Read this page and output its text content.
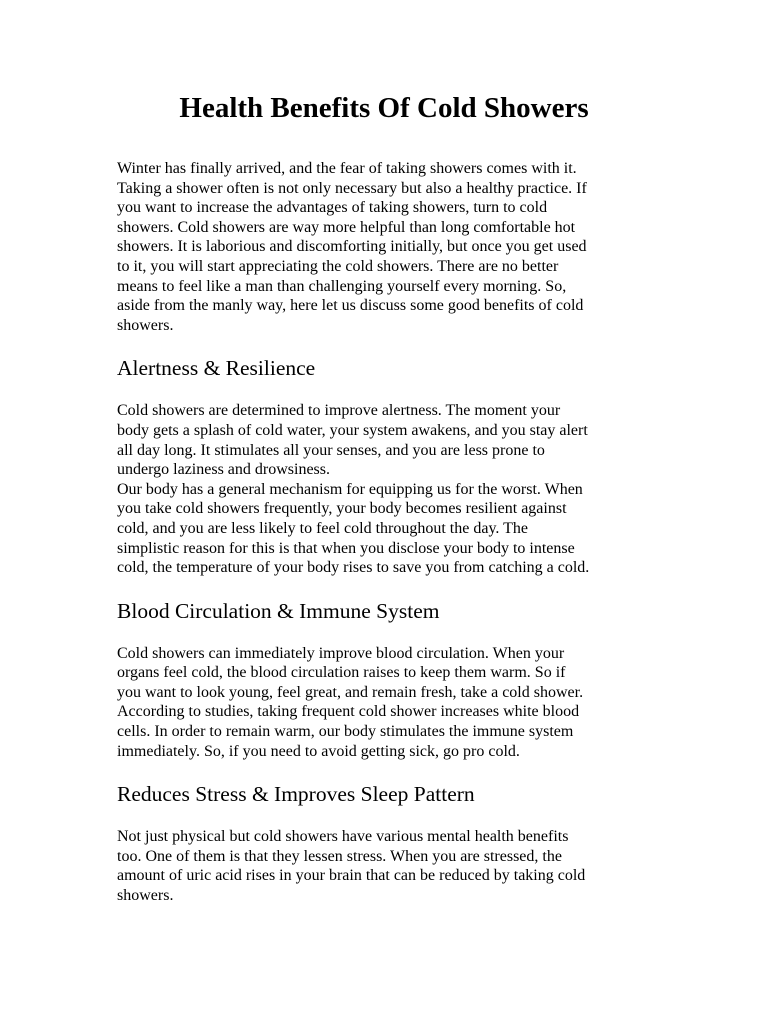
Health Benefits Of Cold Showers

Winter has finally arrived, and the fear of taking showers comes with it.
Taking a shower often is not only necessary but also a healthy practice. If
you want to increase the advantages of taking showers, turn to cold
showers. Cold showers are way more helpful than long comfortable hot
showers. It is laborious and discomforting initially, but once you get used
to it, you will start appreciating the cold showers. There are no better
means to feel like a man than challenging yourself every morning. So,
aside from the manly way, here let us discuss some good benefits of cold
showers.

Alertness & Resilience

Cold showers are determined to improve alertness. The moment your
body gets a splash of cold water, your system awakens, and you stay alert
all day long. It stimulates all your senses, and you are less prone to
undergo laziness and drowsiness.

Our body has a general mechanism for equipping us for the worst. When
you take cold showers frequently, your body becomes resilient against
cold, and you are less likely to feel cold throughout the day. The
simplistic reason for this is that when you disclose your body to intense
cold, the temperature of your body rises to save you from catching a cold.

Blood Circulation & Immune System

Cold showers can immediately improve blood circulation. When your
organs feel cold, the blood circulation raises to keep them warm. So if
you want to look young, feel great, and remain fresh, take a cold shower.
According to studies, taking frequent cold shower increases white blood
cells. In order to remain warm, our body stimulates the immune system
immediately. So, if you need to avoid getting sick, go pro cold.

Reduces Stress & Improves Sleep Pattern

Not just physical but cold showers have various mental health benefits
too. One of them is that they lessen stress. When you are stressed, the
amount of uric acid rises in your brain that can be reduced by taking cold
showers.
